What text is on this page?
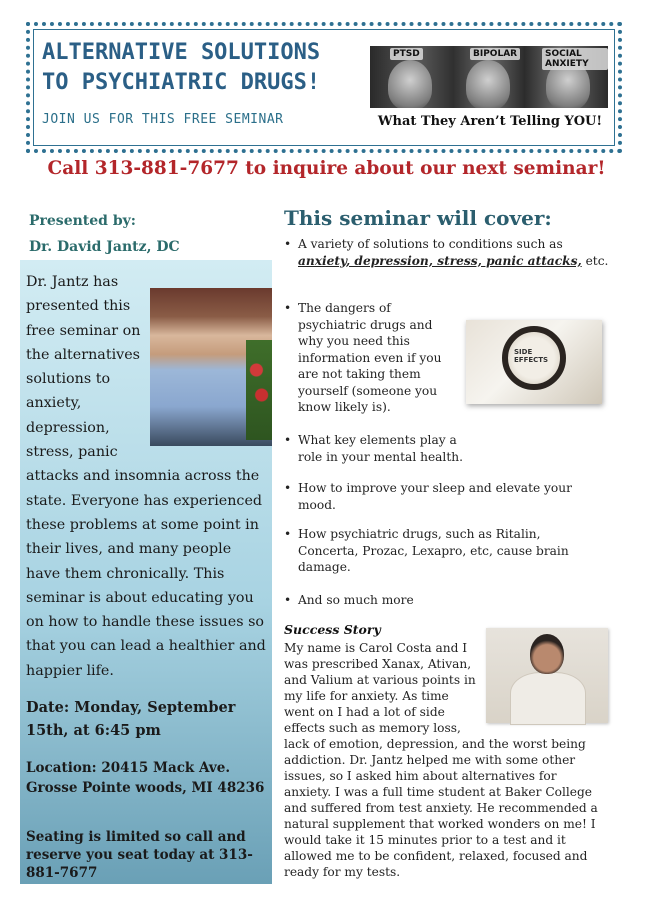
ALTERNATIVE SOLUTIONS
TO PSYCHIATRIC DRUGS!
JOIN US FOR THIS FREE SEMINAR
PTSD	BIPOLAR	SOCIAL ANXIETY
What They Aren’t Telling YOU!
Call 313-881-7677 to inquire about our next seminar!
Presented by:
Dr. David Jantz, DC
Dr. Jantz has presented this free seminar on the alternatives solutions to anxiety, depression, stress, panic attacks and insomnia across the state. Everyone has experienced these problems at some point in their lives, and many people have them chronically. This seminar is about educating you on how to handle these issues so that you can lead a healthier and happier life.
Date: Monday, September 15th, at 6:45 pm
Location: 20415 Mack Ave.
Grosse Pointe woods, MI 48236
Seating is limited so call and reserve you seat today at 313-881-7677
This seminar will cover:
• A variety of solutions to conditions such as anxiety, depression, stress, panic attacks, etc.
• The dangers of psychiatric drugs and why you need this information even if you are not taking them yourself (someone you know likely is).
• What key elements play a role in your mental health.
• How to improve your sleep and elevate your mood.
• How psychiatric drugs, such as Ritalin, Concerta, Prozac, Lexapro, etc, cause brain damage.
• And so much more
SIDE EFFECTS
Success Story
My name is Carol Costa and I was prescribed Xanax, Ativan, and Valium at various points in my life for anxiety. As time went on I had a lot of side effects such as memory loss, lack of emotion, depression, and the worst being addiction. Dr. Jantz helped me with some other issues, so I asked him about alternatives for anxiety. I was a full time student at Baker College and suffered from test anxiety. He recommended a natural supplement that worked wonders on me! I would take it 15 minutes prior to a test and it allowed me to be confident, relaxed, focused and ready for my tests.
